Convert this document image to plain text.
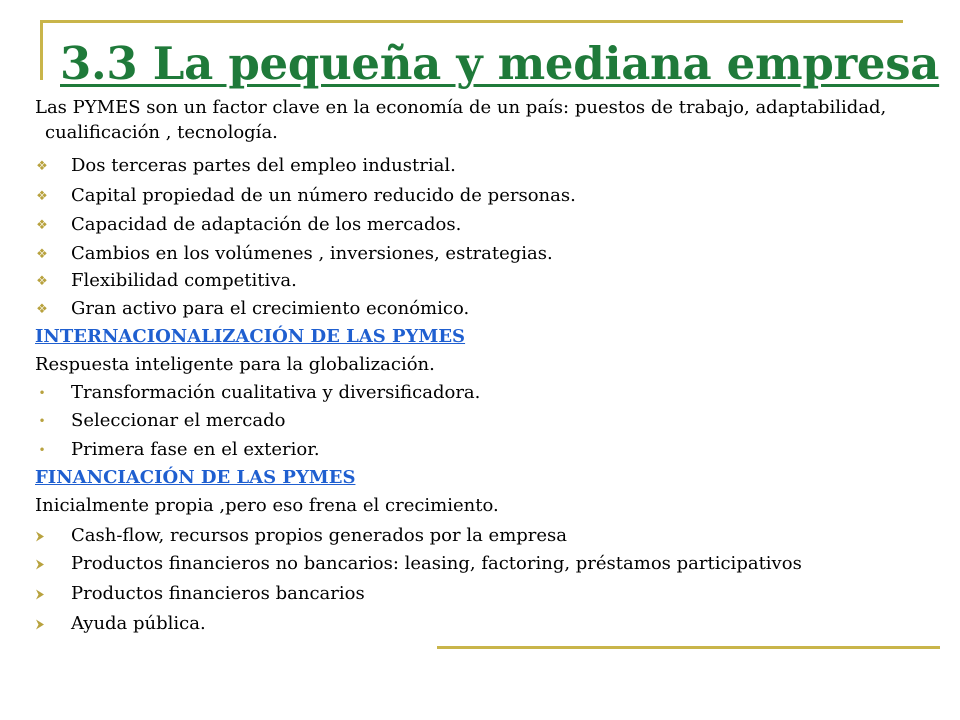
3.3 La pequeña y mediana empresa
Las PYMES son un factor clave en la economía de un país: puestos de trabajo, adaptabilidad,
cualificación , tecnología.
❖ Dos terceras partes del empleo industrial.
❖ Capital propiedad de un número reducido de personas.
❖ Capacidad de adaptación de los mercados.
❖ Cambios en los volúmenes , inversiones, estrategias.
❖ Flexibilidad competitiva.
❖ Gran activo para el crecimiento económico.
INTERNACIONALIZACIÓN DE LAS PYMES
Respuesta inteligente para la globalización.
• Transformación cualitativa y diversificadora.
• Seleccionar el mercado
• Primera fase en el exterior.
FINANCIACIÓN DE LAS PYMES
Inicialmente propia ,pero eso frena el crecimiento.
Cash-flow, recursos propios generados por la empresa
Productos financieros no bancarios: leasing, factoring, préstamos participativos
Productos financieros bancarios
Ayuda pública.
